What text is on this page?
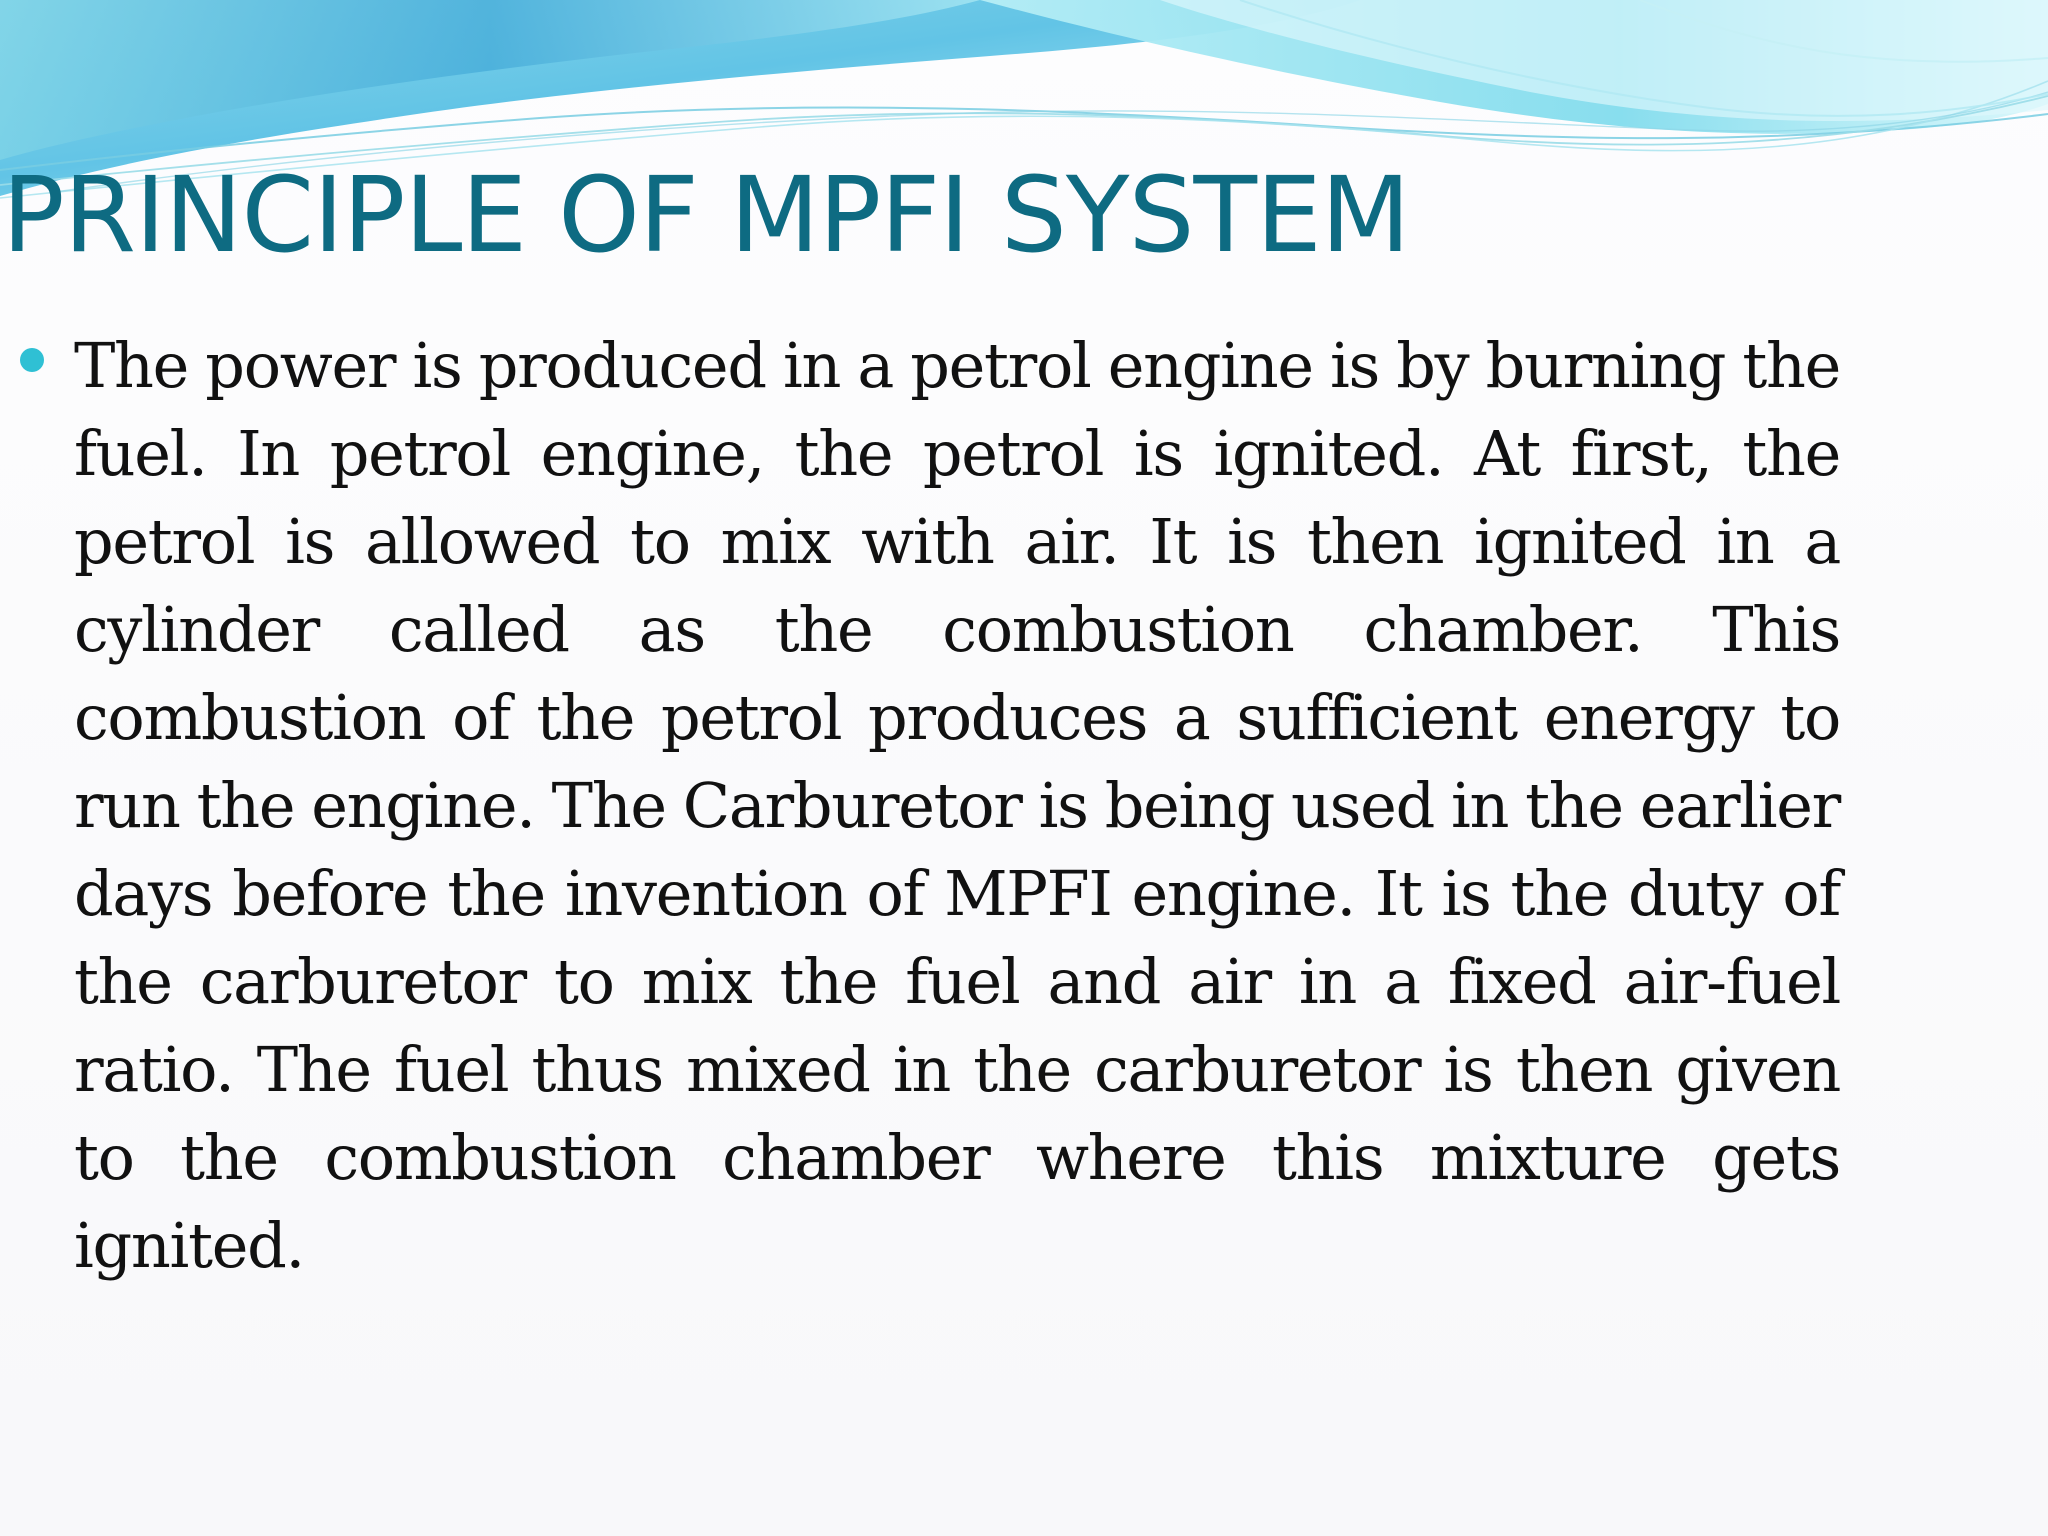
PRINCIPLE OF MPFI SYSTEM

The power is produced in a petrol engine is by burning the fuel. In petrol engine, the petrol is ignited. At first, the petrol is allowed to mix with air. It is then ignited in a cylinder called as the combustion chamber. This combustion of the petrol produces a sufficient energy to run the engine. The Carburetor is being used in the earlier days before the invention of MPFI engine. It is the duty of the carburetor to mix the fuel and air in a fixed air-fuel ratio. The fuel thus mixed in the carburetor is then given to the combustion chamber where this mixture gets ignited.
